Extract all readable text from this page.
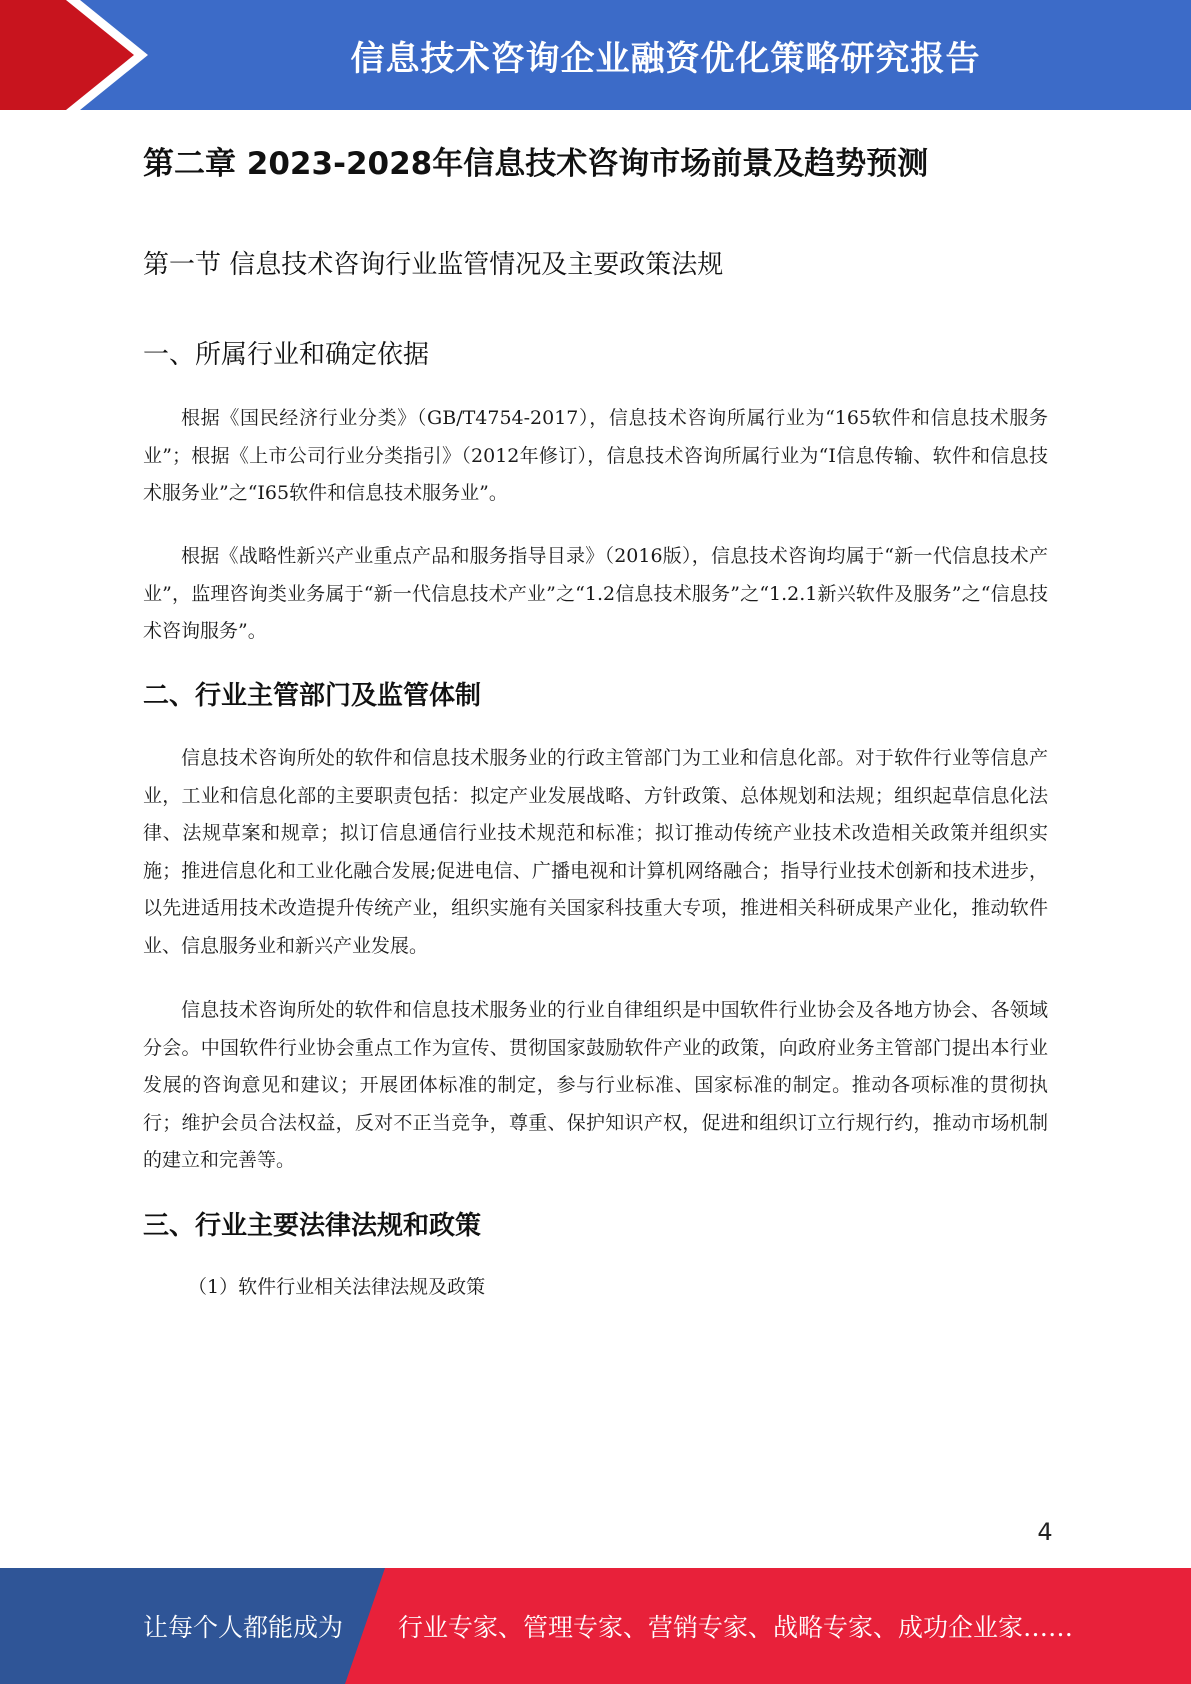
信息技术咨询企业融资优化策略研究报告
第二章 2023-2028年信息技术咨询市场前景及趋势预测
第一节 信息技术咨询行业监管情况及主要政策法规
一、所属行业和确定依据

根据《国民经济行业分类》（GB/T4754-2017），信息技术咨询所属行业为“165软件和信息技术服务业”；根据《上市公司行业分类指引》（2012年修订），信息技术咨询所属行业为“I信息传输、软件和信息技术服务业”之“I65软件和信息技术服务业”。

根据《战略性新兴产业重点产品和服务指导目录》（2016版），信息技术咨询均属于“新一代信息技术产业”，监理咨询类业务属于“新一代信息技术产业”之“1.2信息技术服务”之“1.2.1新兴软件及服务”之“信息技术咨询服务”。

二、行业主管部门及监管体制

信息技术咨询所处的软件和信息技术服务业的行政主管部门为工业和信息化部。对于软件行业等信息产业，工业和信息化部的主要职责包括：拟定产业发展战略、方针政策、总体规划和法规；组织起草信息化法律、法规草案和规章；拟订信息通信行业技术规范和标准；拟订推动传统产业技术改造相关政策并组织实施；推进信息化和工业化融合发展;促进电信、广播电视和计算机网络融合；指导行业技术创新和技术进步，以先进适用技术改造提升传统产业，组织实施有关国家科技重大专项，推进相关科研成果产业化，推动软件业、信息服务业和新兴产业发展。

信息技术咨询所处的软件和信息技术服务业的行业自律组织是中国软件行业协会及各地方协会、各领域分会。中国软件行业协会重点工作为宣传、贯彻国家鼓励软件产业的政策，向政府业务主管部门提出本行业发展的咨询意见和建议；开展团体标准的制定，参与行业标准、国家标准的制定。推动各项标准的贯彻执行；维护会员合法权益，反对不正当竞争，尊重、保护知识产权，促进和组织订立行规行约，推动市场机制的建立和完善等。

三、行业主要法律法规和政策
（1）软件行业相关法律法规及政策
4
让每个人都能成为 行业专家、管理专家、营销专家、战略专家、成功企业家……
